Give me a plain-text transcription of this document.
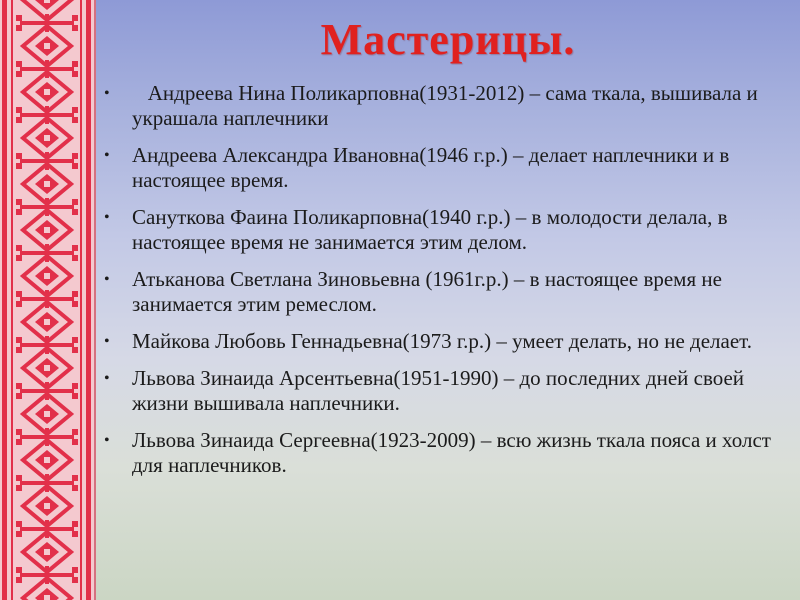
Мастерицы.
• Андреева Нина Поликарповна(1931-2012) – сама ткала, вышивала и украшала наплечники
• Андреева Александра Ивановна(1946 г.р.) – делает наплечники и в настоящее время.
• Сануткова Фаина Поликарповна(1940 г.р.) – в молодости делала, в настоящее время не занимается этим делом.
• Атьканова Светлана Зиновьевна (1961г.р.) – в настоящее время не занимается этим ремеслом.
• Майкова Любовь Геннадьевна(1973 г.р.) – умеет делать, но не делает.
• Львова Зинаида Арсентьевна(1951-1990) – до последних дней своей жизни вышивала наплечники.
• Львова Зинаида Сергеевна(1923-2009) – всю жизнь ткала пояса и холст для наплечников.
